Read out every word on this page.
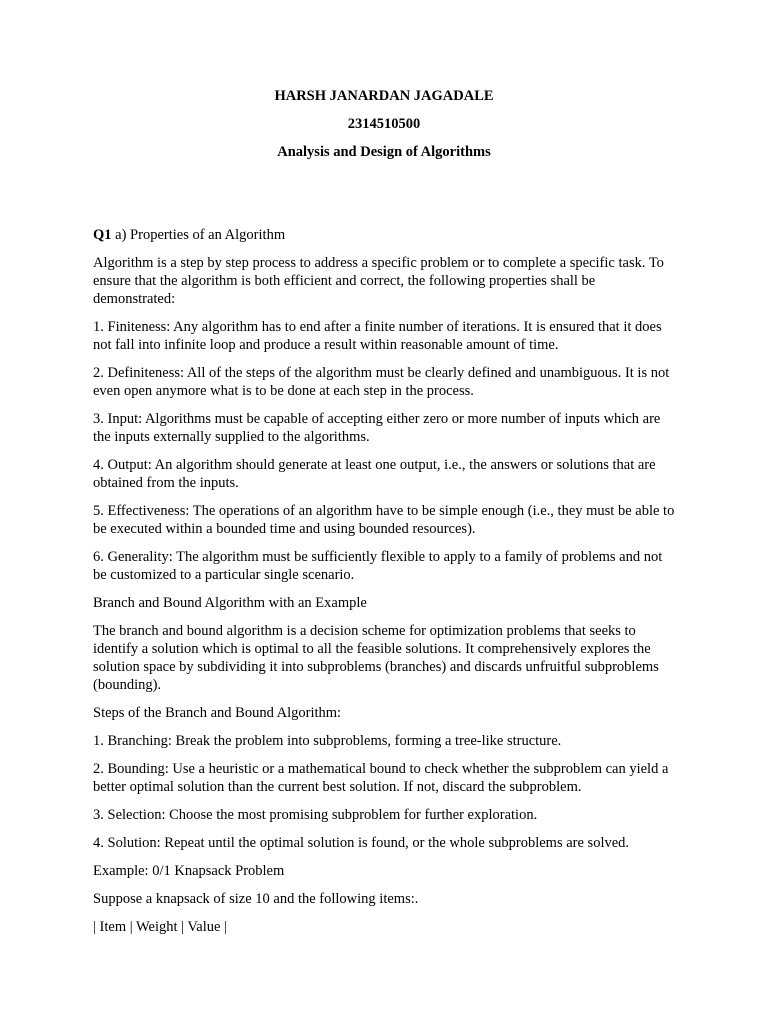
HARSH JANARDAN JAGADALE
2314510500
Analysis and Design of Algorithms

Q1 a) Properties of an Algorithm

Algorithm is a step by step process to address a specific problem or to complete a specific task. To ensure that the algorithm is both efficient and correct, the following properties shall be demonstrated:

1. Finiteness: Any algorithm has to end after a finite number of iterations. It is ensured that it does not fall into infinite loop and produce a result within reasonable amount of time.

2. Definiteness: All of the steps of the algorithm must be clearly defined and unambiguous. It is not even open anymore what is to be done at each step in the process.

3. Input: Algorithms must be capable of accepting either zero or more number of inputs which are the inputs externally supplied to the algorithms.

4. Output: An algorithm should generate at least one output, i.e., the answers or solutions that are obtained from the inputs.

5. Effectiveness: The operations of an algorithm have to be simple enough (i.e., they must be able to be executed within a bounded time and using bounded resources).

6. Generality: The algorithm must be sufficiently flexible to apply to a family of problems and not be customized to a particular single scenario.

Branch and Bound Algorithm with an Example

The branch and bound algorithm is a decision scheme for optimization problems that seeks to identify a solution which is optimal to all the feasible solutions. It comprehensively explores the solution space by subdividing it into subproblems (branches) and discards unfruitful subproblems (bounding).

Steps of the Branch and Bound Algorithm:

1. Branching: Break the problem into subproblems, forming a tree-like structure.

2. Bounding: Use a heuristic or a mathematical bound to check whether the subproblem can yield a better optimal solution than the current best solution. If not, discard the subproblem.

3. Selection: Choose the most promising subproblem for further exploration.

4. Solution: Repeat until the optimal solution is found, or the whole subproblems are solved.

Example: 0/1 Knapsack Problem

Suppose a knapsack of size 10 and the following items:.

| Item | Weight | Value |
